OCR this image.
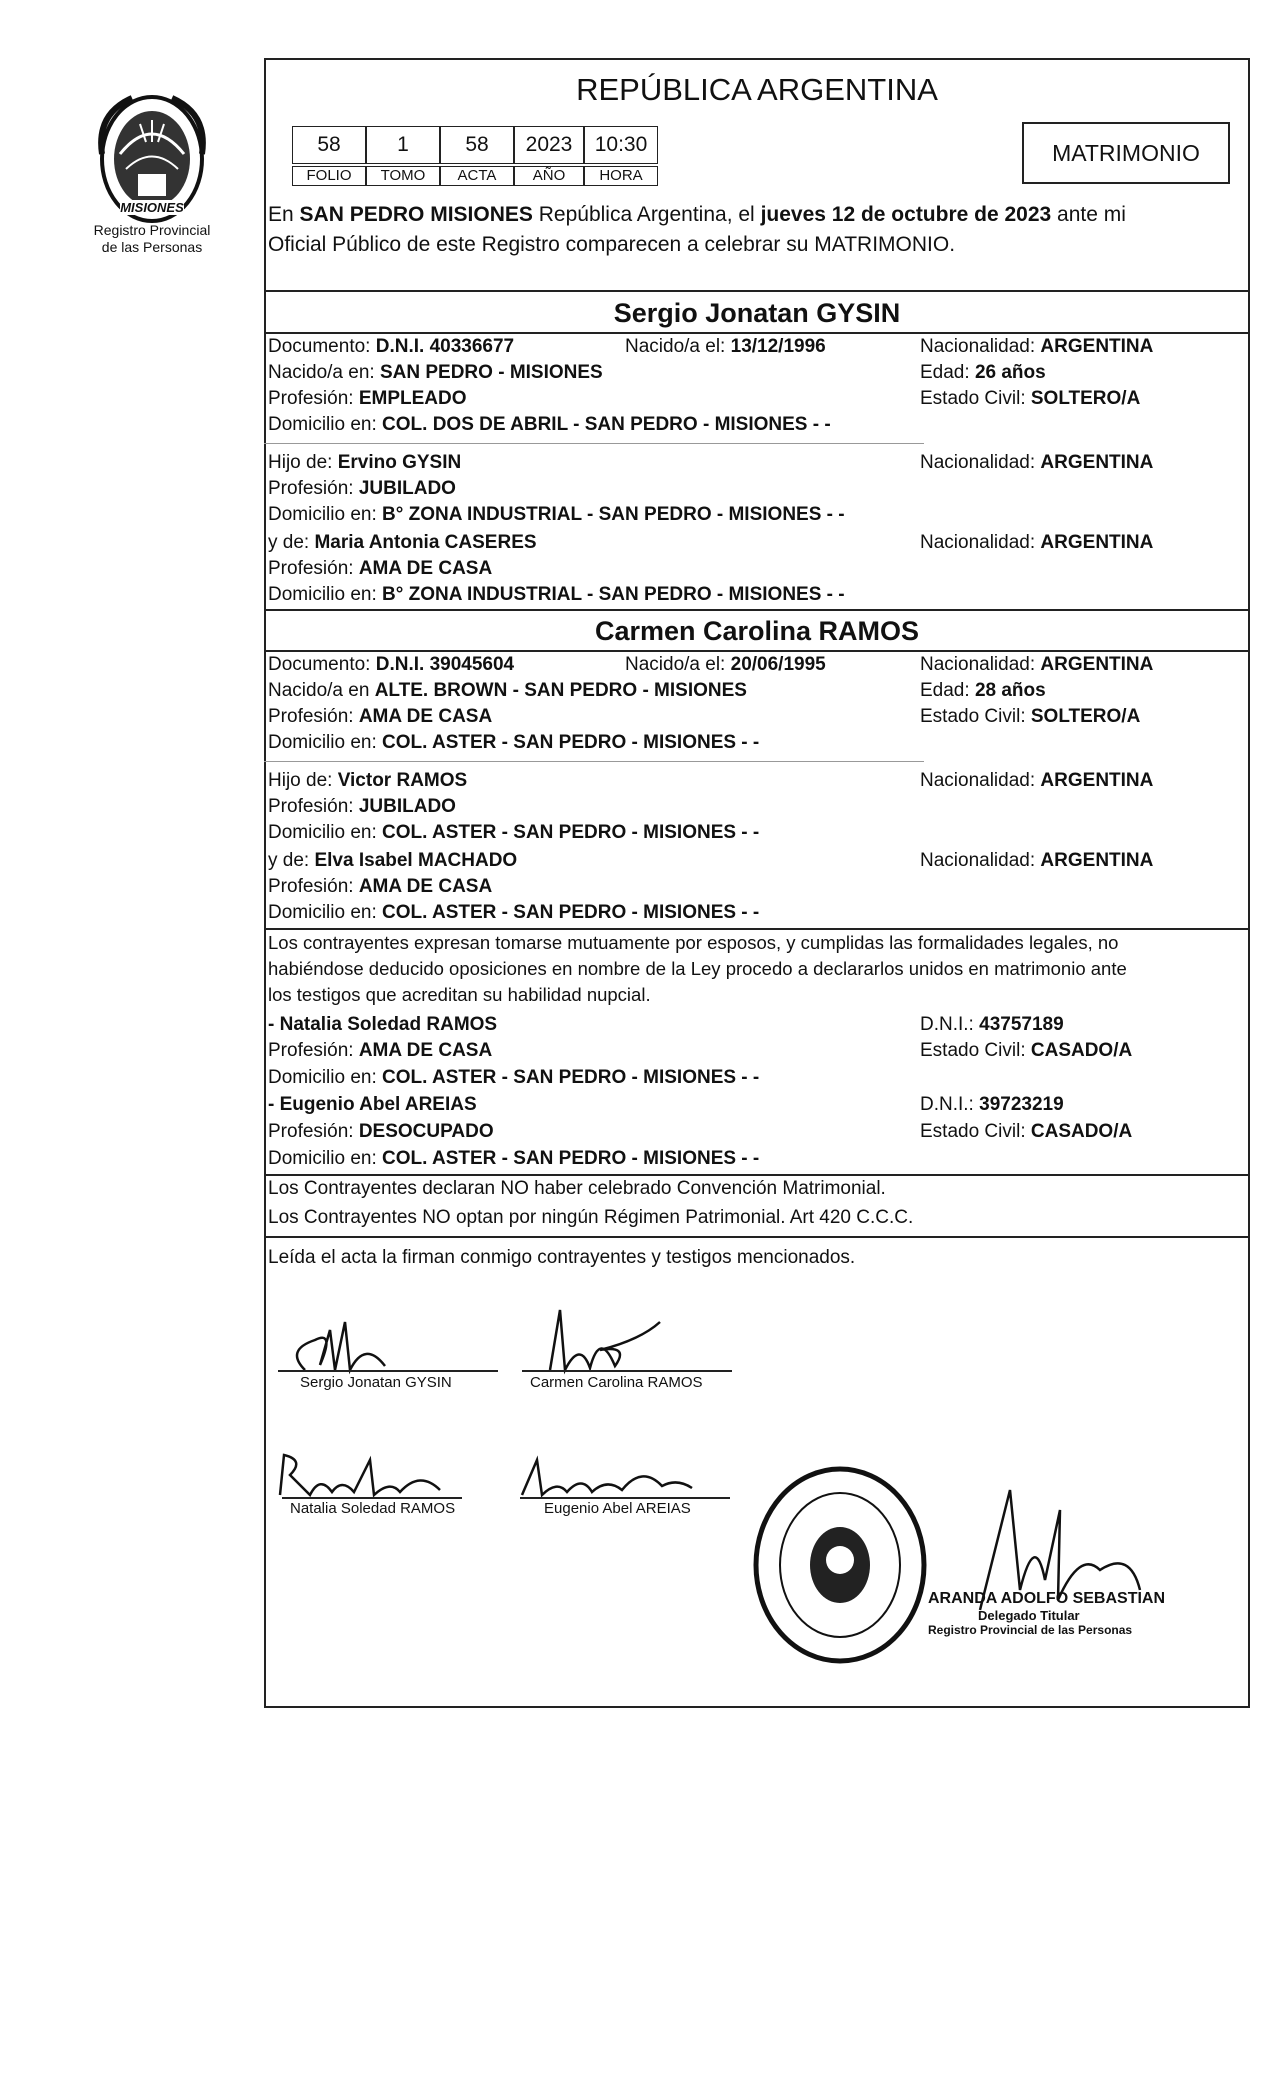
MISIONES
Registro Provincial
de las Personas
REPÚBLICA ARGENTINA
58	1	58	2023	10:30
FOLIO	TOMO	ACTA	AÑO	HORA
MATRIMONIO
En SAN PEDRO MISIONES República Argentina, el jueves 12 de octubre de 2023 ante mi
Oficial Público de este Registro comparecen a celebrar su MATRIMONIO.
Sergio Jonatan GYSIN
Documento: D.N.I. 40336677	Nacido/a el: 13/12/1996	Nacionalidad: ARGENTINA
Nacido/a en: SAN PEDRO - MISIONES	Edad: 26 años
Profesión: EMPLEADO	Estado Civil: SOLTERO/A
Domicilio en: COL. DOS DE ABRIL - SAN PEDRO - MISIONES - -
Hijo de: Ervino GYSIN	Nacionalidad: ARGENTINA
Profesión: JUBILADO
Domicilio en: B° ZONA INDUSTRIAL - SAN PEDRO - MISIONES - -
y de: Maria Antonia CASERES	Nacionalidad: ARGENTINA
Profesión: AMA DE CASA
Domicilio en: B° ZONA INDUSTRIAL - SAN PEDRO - MISIONES - -
Carmen Carolina RAMOS
Documento: D.N.I. 39045604	Nacido/a el: 20/06/1995	Nacionalidad: ARGENTINA
Nacido/a en ALTE. BROWN - SAN PEDRO - MISIONES	Edad: 28 años
Profesión: AMA DE CASA	Estado Civil: SOLTERO/A
Domicilio en: COL. ASTER - SAN PEDRO - MISIONES - -
Hijo de: Victor RAMOS	Nacionalidad: ARGENTINA
Profesión: JUBILADO
Domicilio en: COL. ASTER - SAN PEDRO - MISIONES - -
y de: Elva Isabel MACHADO	Nacionalidad: ARGENTINA
Profesión: AMA DE CASA
Domicilio en: COL. ASTER - SAN PEDRO - MISIONES - -
Los contrayentes expresan tomarse mutuamente por esposos, y cumplidas las formalidades legales, no
habiéndose deducido oposiciones en nombre de la Ley procedo a declararlos unidos en matrimonio ante
los testigos que acreditan su habilidad nupcial.
- Natalia Soledad RAMOS	D.N.I.: 43757189
Profesión: AMA DE CASA	Estado Civil: CASADO/A
Domicilio en: COL. ASTER - SAN PEDRO - MISIONES - -
- Eugenio Abel AREIAS	D.N.I.: 39723219
Profesión: DESOCUPADO	Estado Civil: CASADO/A
Domicilio en: COL. ASTER - SAN PEDRO - MISIONES - -
Los Contrayentes declaran NO haber celebrado Convención Matrimonial.
Los Contrayentes NO optan por ningún Régimen Patrimonial. Art 420 C.C.C.
Leída el acta la firman conmigo contrayentes y testigos mencionados.
Sergio Jonatan GYSIN	Carmen Carolina RAMOS
Natalia Soledad RAMOS	Eugenio Abel AREIAS
ARANDA ADOLFO SEBASTIAN
Delegado Titular
Registro Provincial de las Personas
